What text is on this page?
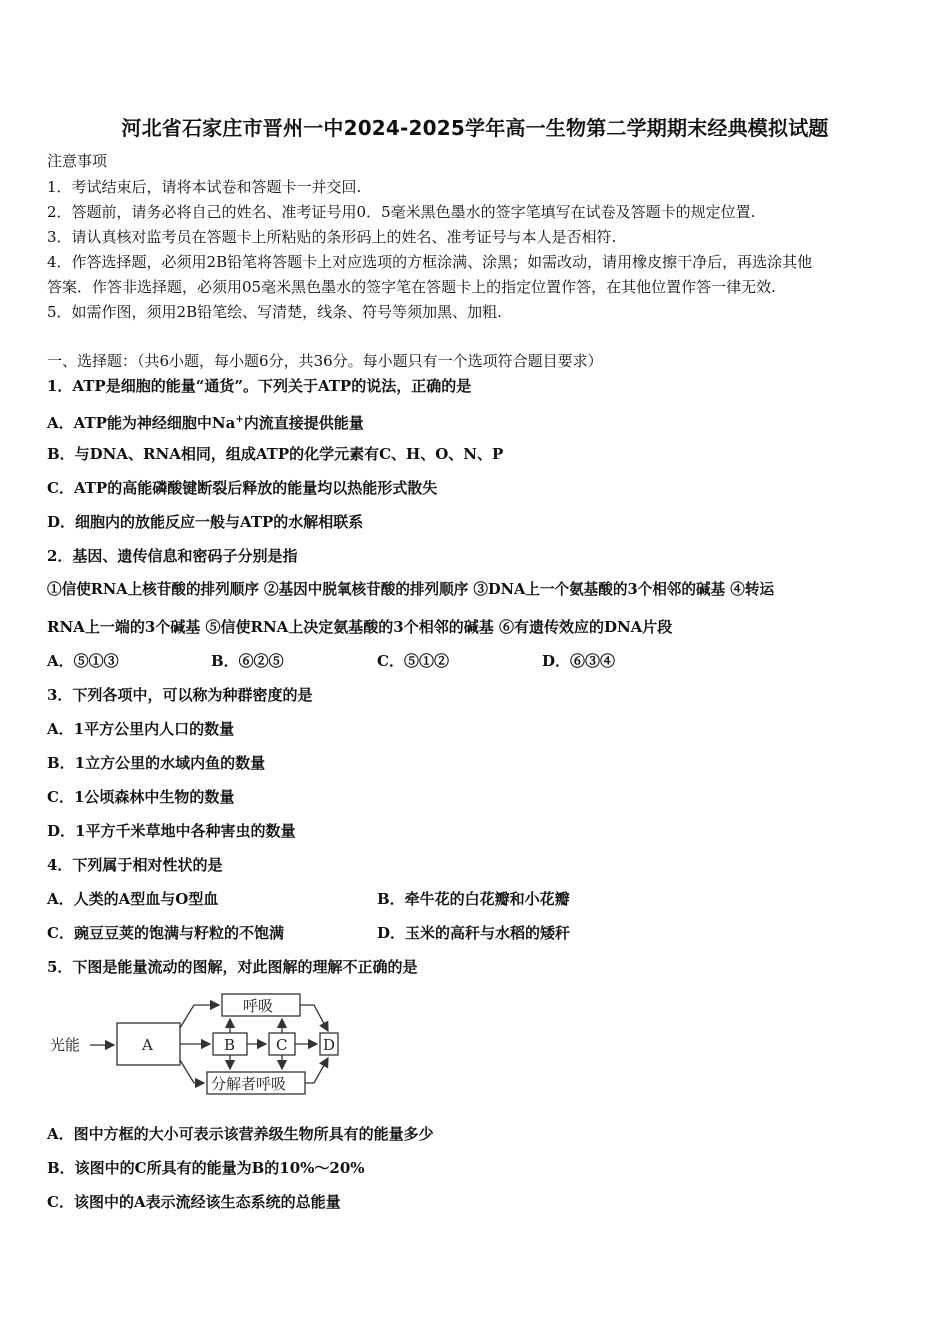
河北省石家庄市晋州一中2024-2025学年高一生物第二学期期末经典模拟试题
注意事项
1．考试结束后，请将本试卷和答题卡一并交回.
2．答题前，请务必将自己的姓名、准考证号用0．5毫米黑色墨水的签字笔填写在试卷及答题卡的规定位置.
3．请认真核对监考员在答题卡上所粘贴的条形码上的姓名、准考证号与本人是否相符.
4．作答选择题，必须用2B铅笔将答题卡上对应选项的方框涂满、涂黑；如需改动，请用橡皮擦干净后，再选涂其他
答案．作答非选择题，必须用05毫米黑色墨水的签字笔在答题卡上的指定位置作答，在其他位置作答一律无效.
5．如需作图，须用2B铅笔绘、写清楚，线条、符号等须加黑、加粗.
一、选择题：（共6小题，每小题6分，共36分。每小题只有一个选项符合题目要求）
1．ATP是细胞的能量“通货”。下列关于ATP的说法，正确的是
A．ATP能为神经细胞中Na+内流直接提供能量
B．与DNA、RNA相同，组成ATP的化学元素有C、H、O、N、P
C．ATP的高能磷酸键断裂后释放的能量均以热能形式散失
D．细胞内的放能反应一般与ATP的水解相联系
2．基因、遗传信息和密码子分别是指
①信使RNA上核苷酸的排列顺序 ②基因中脱氧核苷酸的排列顺序 ③DNA上一个氨基酸的3个相邻的碱基 ④转运
RNA上一端的3个碱基 ⑤信使RNA上决定氨基酸的3个相邻的碱基 ⑥有遗传效应的DNA片段
A．⑤①③	B．⑥②⑤	C．⑤①②	D．⑥③④
3．下列各项中，可以称为种群密度的是
A．1平方公里内人口的数量
B．1立方公里的水域内鱼的数量
C．1公顷森林中生物的数量
D．1平方千米草地中各种害虫的数量
4．下列属于相对性状的是
A．人类的A型血与O型血	B．牵牛花的白花瓣和小花瓣
C．豌豆豆荚的饱满与籽粒的不饱满	D．玉米的高秆与水稻的矮秆
5．下图是能量流动的图解，对此图解的理解不正确的是
光能	A	B	C D
呼吸
分解者呼吸
A．图中方框的大小可表示该营养级生物所具有的能量多少
B．该图中的C所具有的能量为B的10%～20%
C．该图中的A表示流经该生态系统的总能量
